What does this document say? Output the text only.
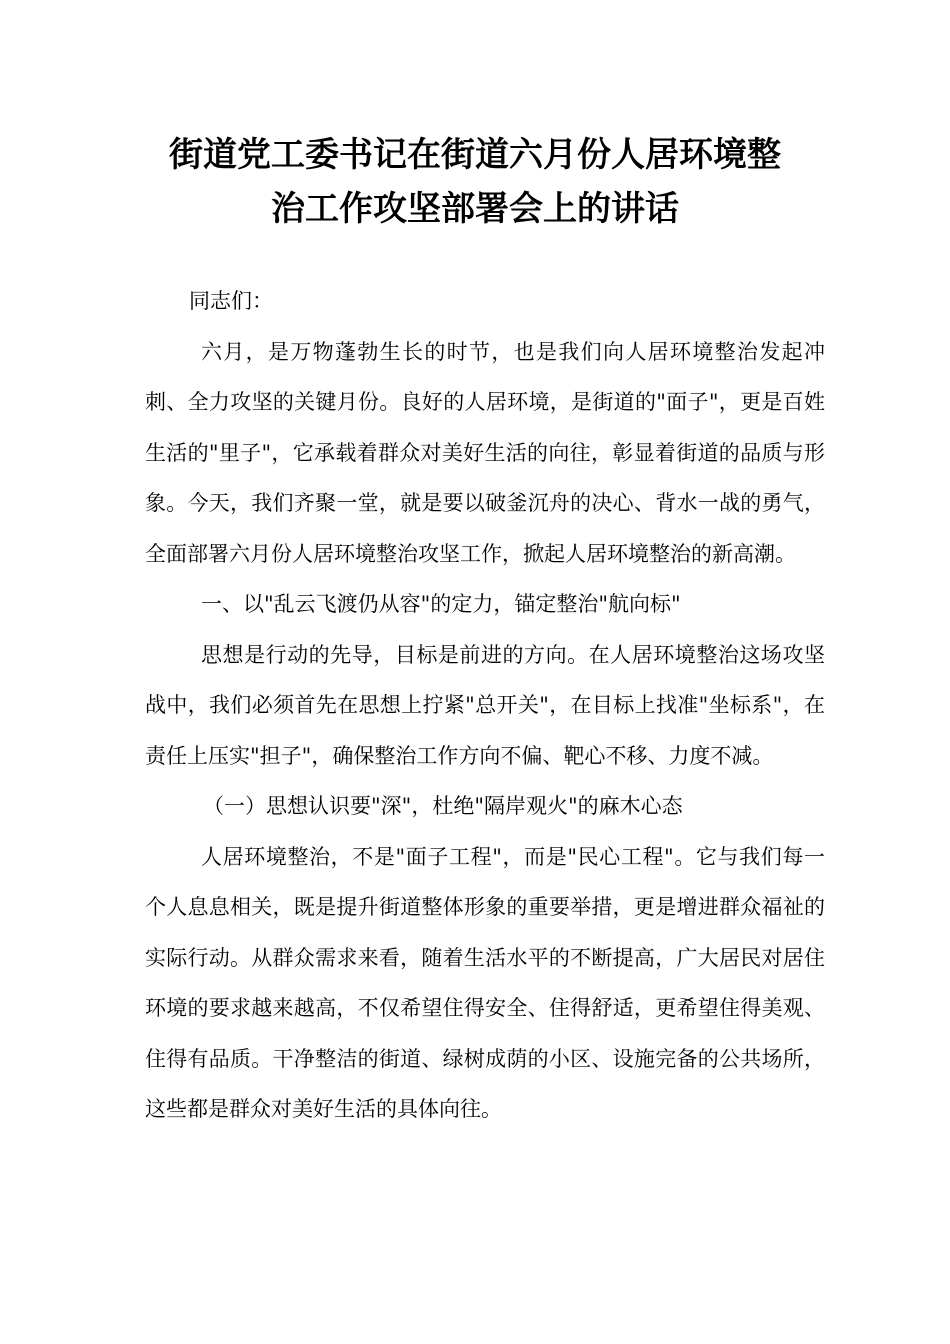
街道党工委书记在街道六月份人居环境整
治工作攻坚部署会上的讲话

同志们：

六月，是万物蓬勃生长的时节，也是我们向人居环境整治发起冲刺、全力攻坚的关键月份。良好的人居环境，是街道的"面子"，更是百姓生活的"里子"，它承载着群众对美好生活的向往，彰显着街道的品质与形象。今天，我们齐聚一堂，就是要以破釜沉舟的决心、背水一战的勇气，全面部署六月份人居环境整治攻坚工作，掀起人居环境整治的新高潮。

一、以"乱云飞渡仍从容"的定力，锚定整治"航向标"

思想是行动的先导，目标是前进的方向。在人居环境整治这场攻坚战中，我们必须首先在思想上拧紧"总开关"，在目标上找准"坐标系"，在责任上压实"担子"，确保整治工作方向不偏、靶心不移、力度不减。

（一）思想认识要"深"，杜绝"隔岸观火"的麻木心态

人居环境整治，不是"面子工程"，而是"民心工程"。它与我们每一个人息息相关，既是提升街道整体形象的重要举措，更是增进群众福祉的实际行动。从群众需求来看，随着生活水平的不断提高，广大居民对居住环境的要求越来越高，不仅希望住得安全、住得舒适，更希望住得美观、住得有品质。干净整洁的街道、绿树成荫的小区、设施完备的公共场所，这些都是群众对美好生活的具体向往。
